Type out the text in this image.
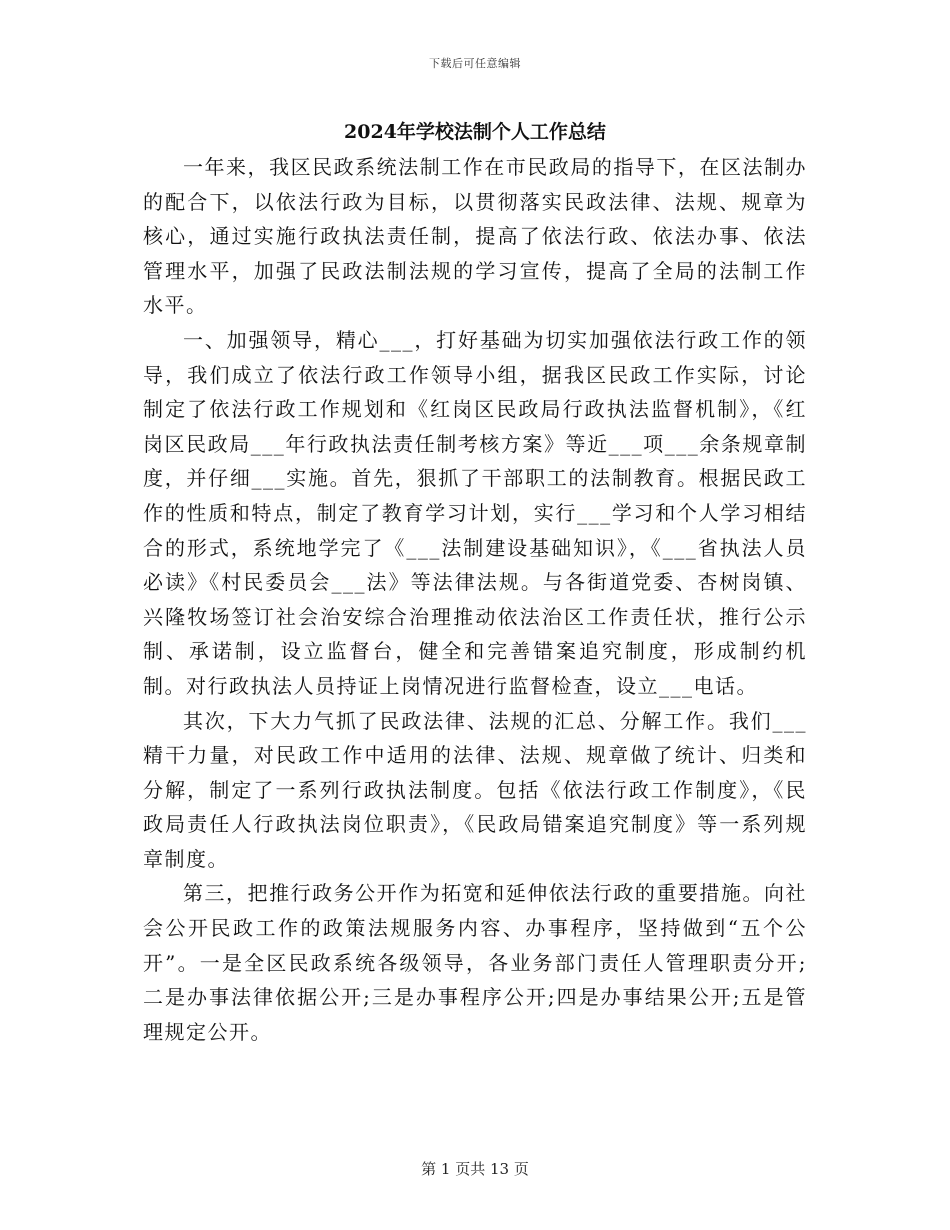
下载后可任意编辑
2024年学校法制个人工作总结

一年来，我区民政系统法制工作在市民政局的指导下，在区法制办的配合下，以依法行政为目标，以贯彻落实民政法律、法规、规章为核心，通过实施行政执法责任制，提高了依法行政、依法办事、依法管理水平，加强了民政法制法规的学习宣传，提高了全局的法制工作水平。

一、加强领导，精心___，打好基础为切实加强依法行政工作的领导，我们成立了依法行政工作领导小组，据我区民政工作实际，讨论制定了依法行政工作规划和《红岗区民政局行政执法监督机制》，《红岗区民政局___年行政执法责任制考核方案》等近___项___余条规章制度，并仔细___实施。首先，狠抓了干部职工的法制教育。根据民政工作的性质和特点，制定了教育学习计划，实行___学习和个人学习相结合的形式，系统地学完了《___法制建设基础知识》，《___省执法人员必读》《村民委员会___法》等法律法规。与各街道党委、杏树岗镇、兴隆牧场签订社会治安综合治理推动依法治区工作责任状，推行公示制、承诺制，设立监督台，健全和完善错案追究制度，形成制约机制。对行政执法人员持证上岗情况进行监督检查，设立___电话。

其次，下大力气抓了民政法律、法规的汇总、分解工作。我们___精干力量，对民政工作中适用的法律、法规、规章做了统计、归类和分解，制定了一系列行政执法制度。包括《依法行政工作制度》，《民政局责任人行政执法岗位职责》，《民政局错案追究制度》等一系列规章制度。

第三，把推行政务公开作为拓宽和延伸依法行政的重要措施。向社会公开民政工作的政策法规服务内容、办事程序，坚持做到“五个公开”。一是全区民政系统各级领导，各业务部门责任人管理职责分开;二是办事法律依据公开;三是办事程序公开;四是办事结果公开;五是管理规定公开。

第 1 页共 13 页
